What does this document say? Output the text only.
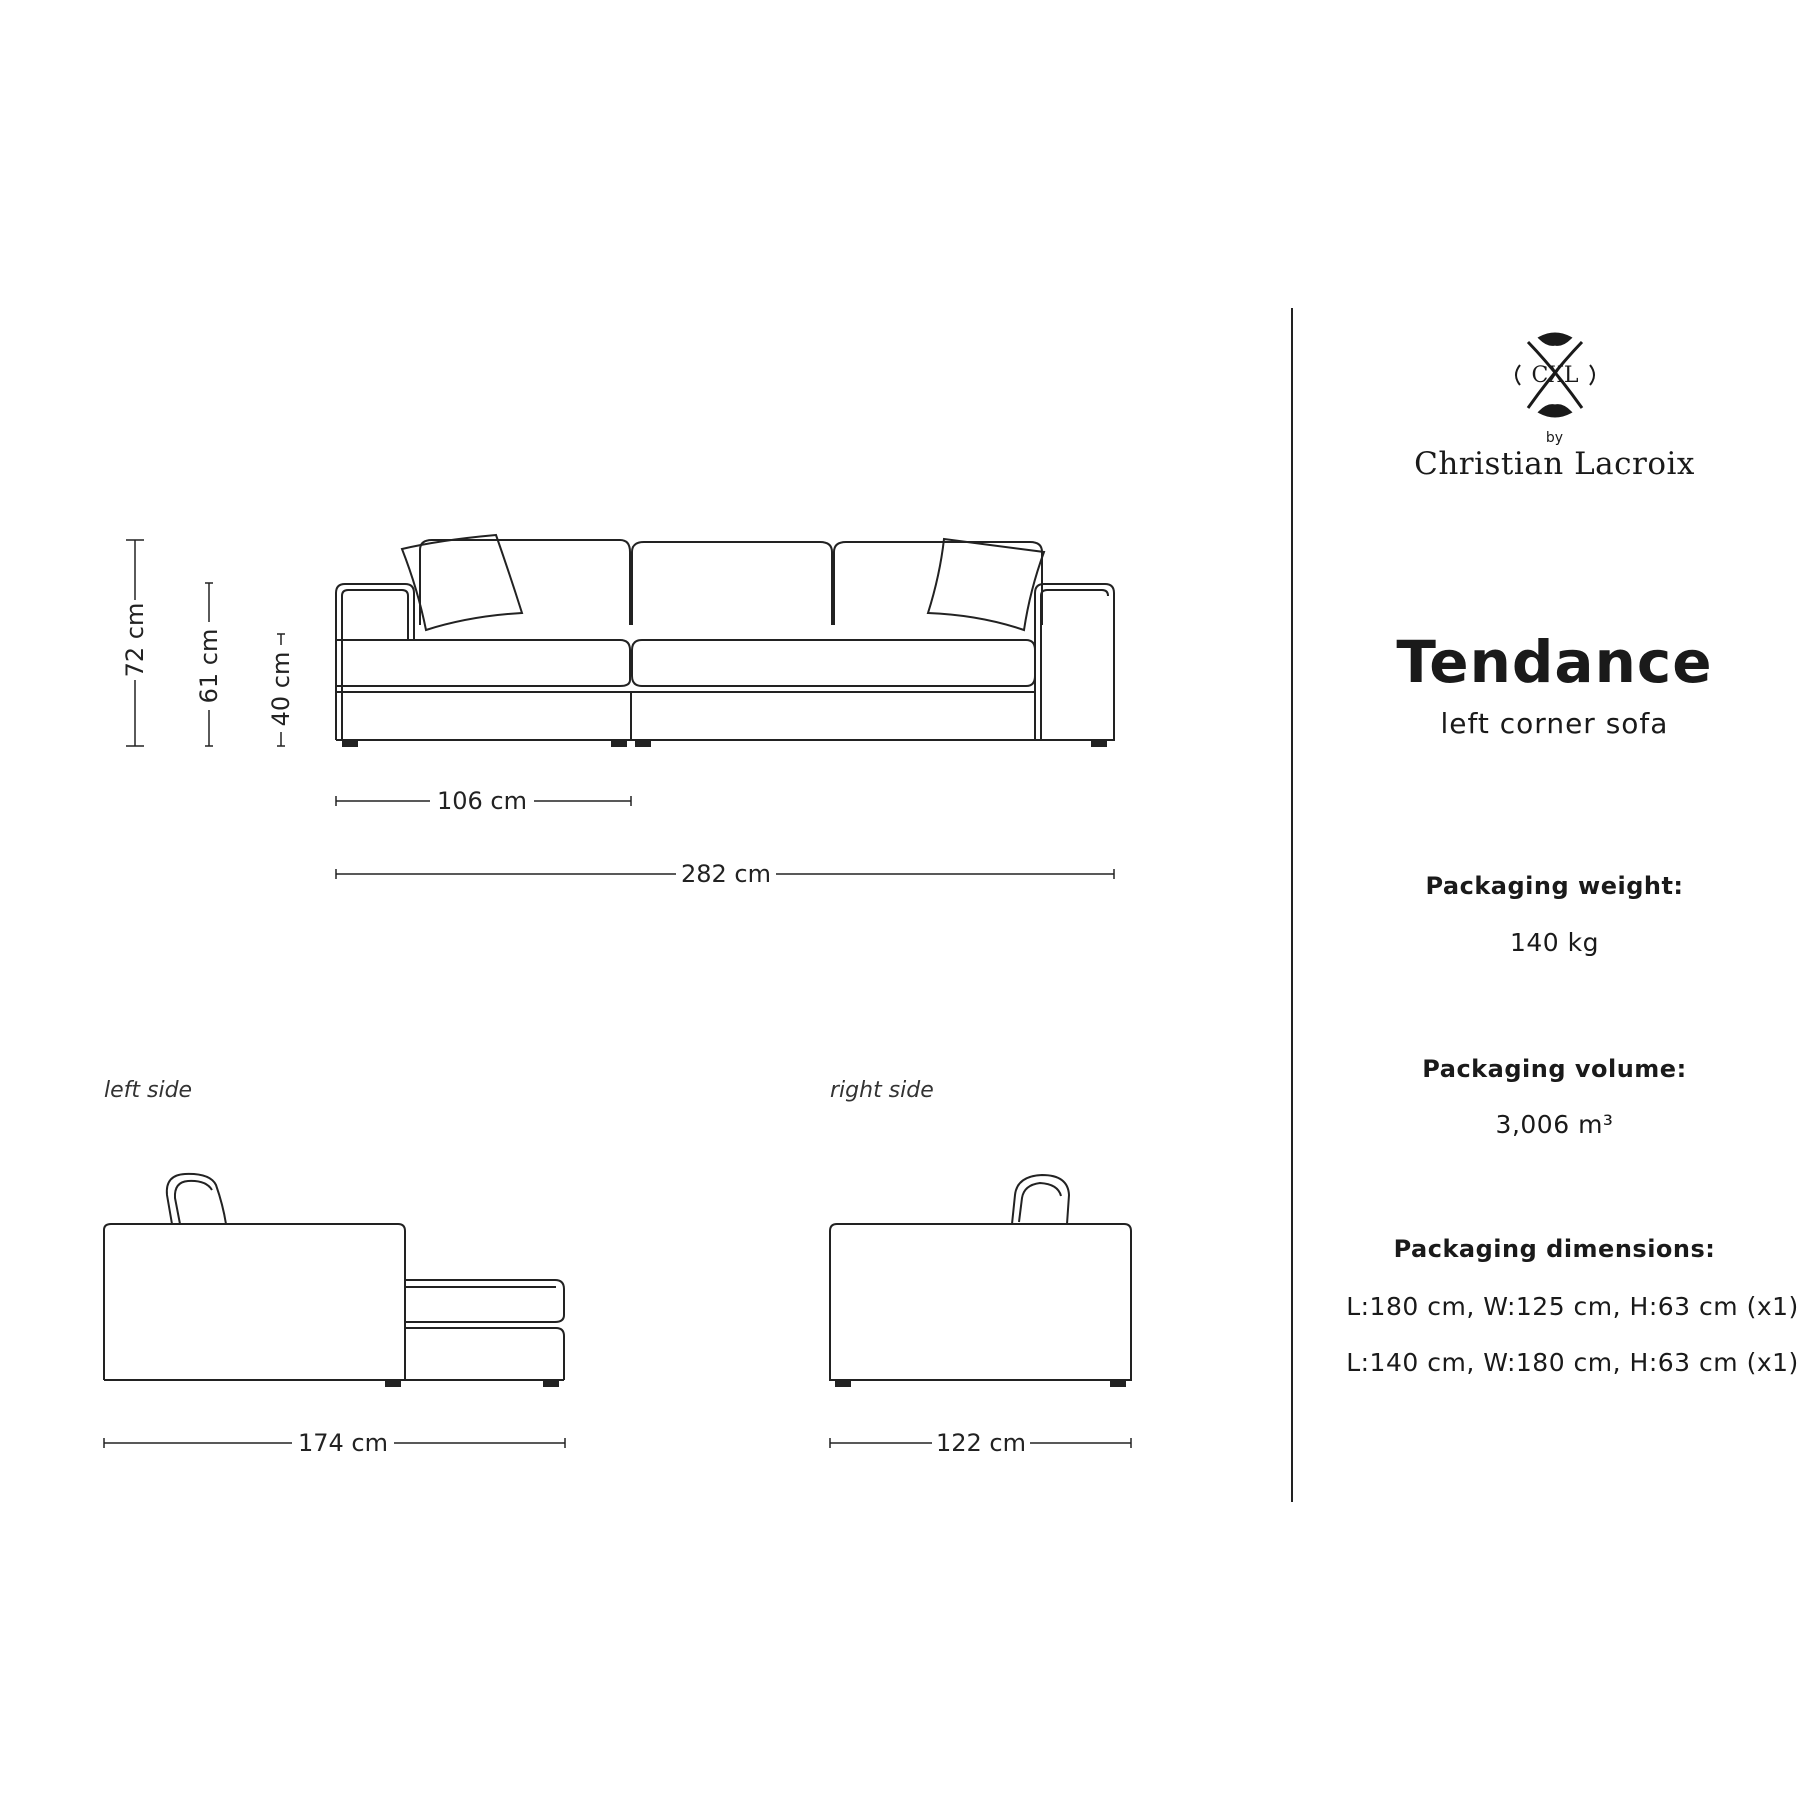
72 cm 61 cm 40 cm
106 cm
282 cm
left side	right side
174 cm	122 cm
CXL
by
Christian Lacroix
Tendance
left corner sofa
Packaging weight:
140 kg
Packaging volume:
3,006 m³
Packaging dimensions:
L:180 cm, W:125 cm, H:63 cm (x1)
L:140 cm, W:180 cm, H:63 cm (x1)
